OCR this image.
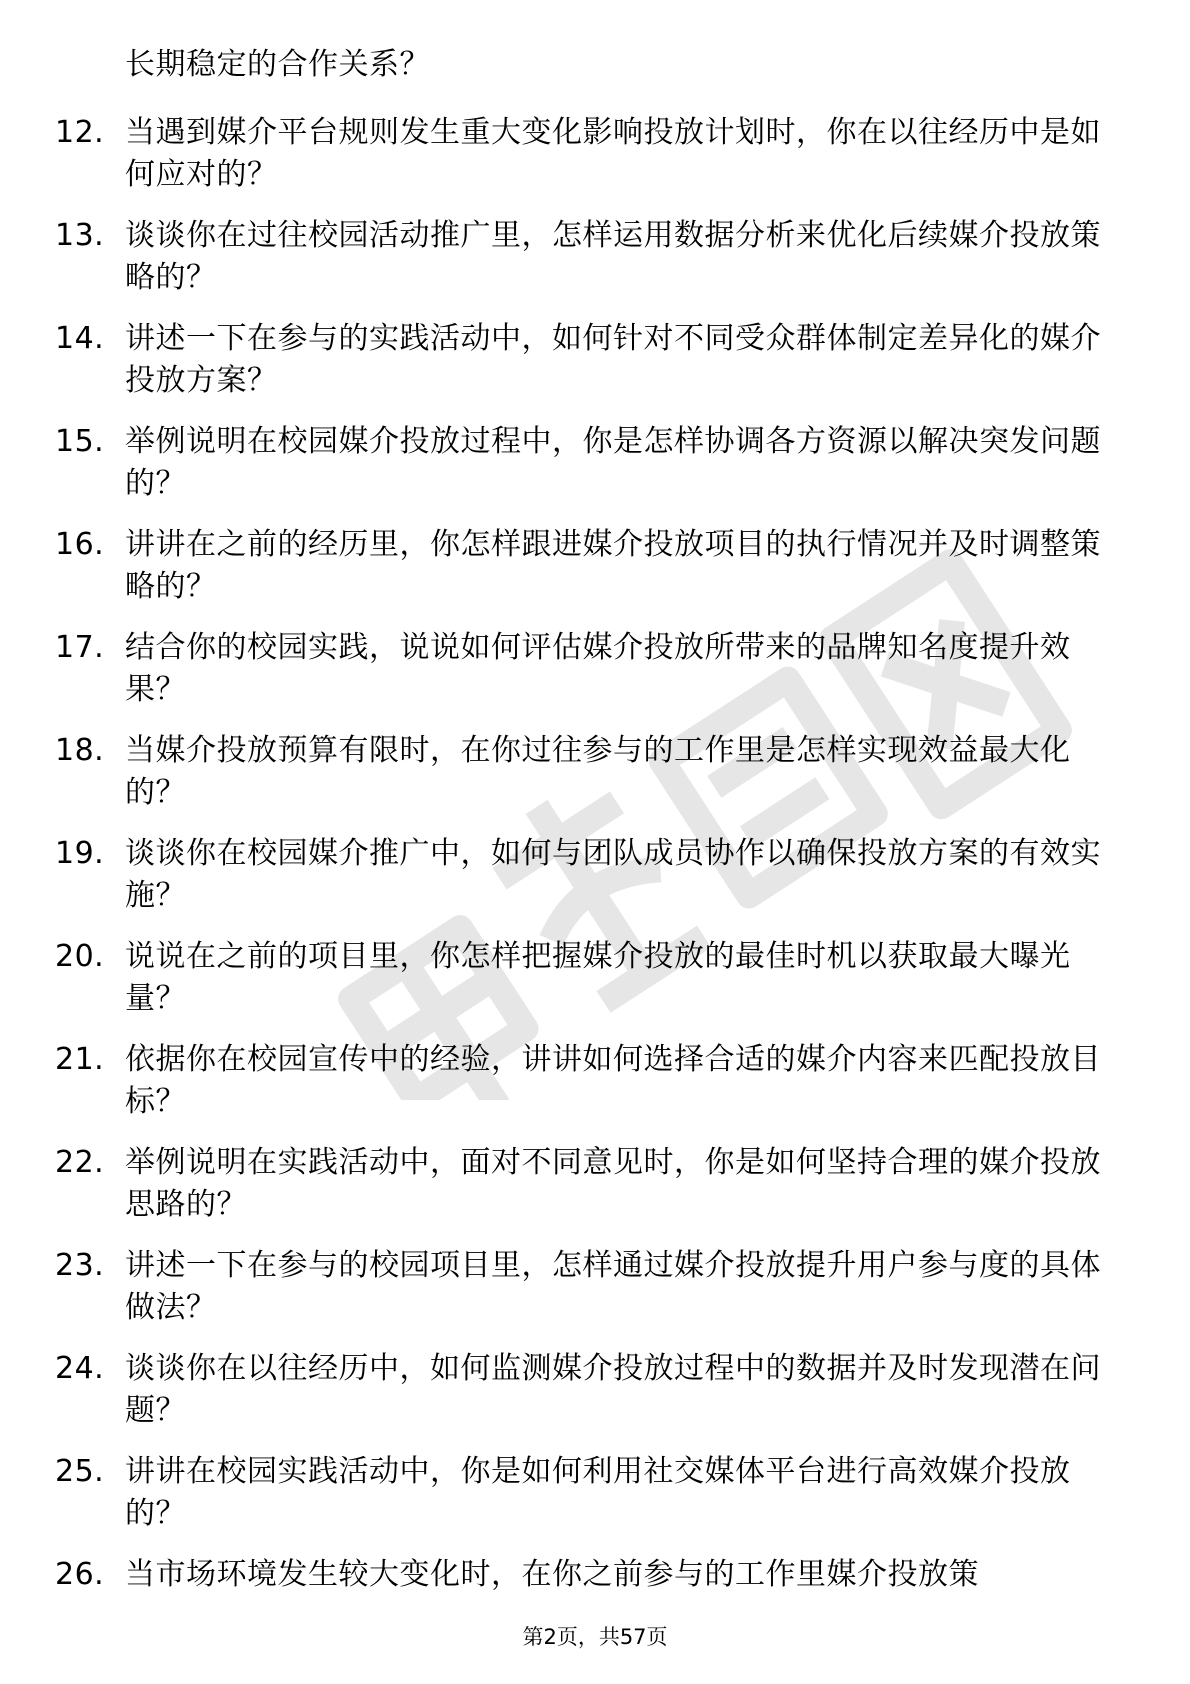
长期稳定的合作关系？
12. 当遇到媒介平台规则发生重大变化影响投放计划时，你在以往经历中是如何应对的？
13. 谈谈你在过往校园活动推广里，怎样运用数据分析来优化后续媒介投放策略的？
14. 讲述一下在参与的实践活动中，如何针对不同受众群体制定差异化的媒介投放方案？
15. 举例说明在校园媒介投放过程中，你是怎样协调各方资源以解决突发问题的？
16. 讲讲在之前的经历里，你怎样跟进媒介投放项目的执行情况并及时调整策略的？
17. 结合你的校园实践，说说如何评估媒介投放所带来的品牌知名度提升效果？
18. 当媒介投放预算有限时，在你过往参与的工作里是怎样实现效益最大化的？
19. 谈谈你在校园媒介推广中，如何与团队成员协作以确保投放方案的有效实施？
20. 说说在之前的项目里，你怎样把握媒介投放的最佳时机以获取最大曝光量？
21. 依据你在校园宣传中的经验，讲讲如何选择合适的媒介内容来匹配投放目标？
22. 举例说明在实践活动中，面对不同意见时，你是如何坚持合理的媒介投放思路的？
23. 讲述一下在参与的校园项目里，怎样通过媒介投放提升用户参与度的具体做法？
24. 谈谈你在以往经历中，如何监测媒介投放过程中的数据并及时发现潜在问题？
25. 讲讲在校园实践活动中，你是如何利用社交媒体平台进行高效媒介投放的？
26. 当市场环境发生较大变化时，在你之前参与的工作里媒介投放策
第2页，共57页
